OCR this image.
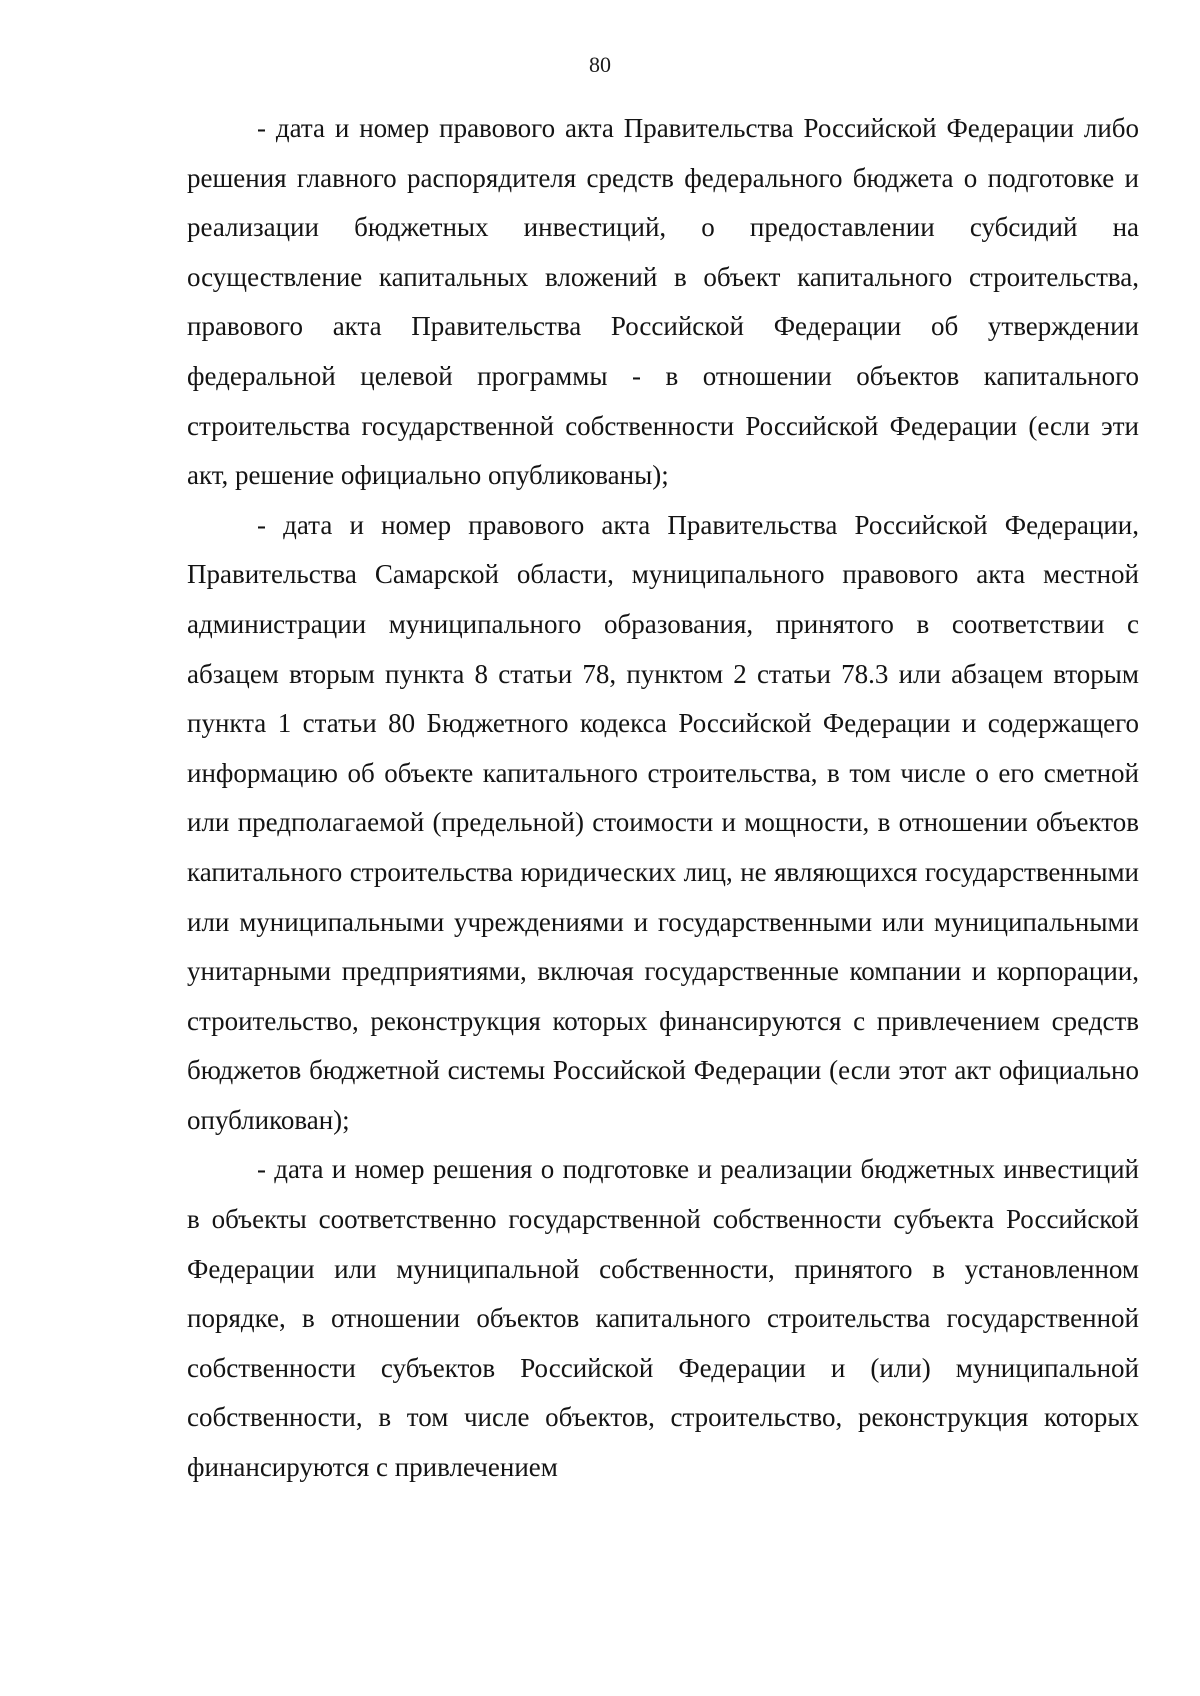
80

- дата и номер правового акта Правительства Российской Федерации либо решения главного распорядителя средств федерального бюджета о подготовке и реализации бюджетных инвестиций, о предоставлении субсидий на осуществление капитальных вложений в объект капитального строительства, правового акта Правительства Российской Федерации об утверждении федеральной целевой программы - в отношении объектов капитального строительства государственной собственности Российской Федерации (если эти акт, решение официально опубликованы);

- дата и номер правового акта Правительства Российской Федерации, Правительства Самарской области, муниципального правового акта местной администрации муниципального образования, принятого в соответствии с абзацем вторым пункта 8 статьи 78, пунктом 2 статьи 78.3 или абзацем вторым пункта 1 статьи 80 Бюджетного кодекса Российской Федерации и содержащего информацию об объекте капитального строительства, в том числе о его сметной или предполагаемой (предельной) стоимости и мощности, в отношении объектов капитального строительства юридических лиц, не являющихся государственными или муниципальными учреждениями и государственными или муниципальными унитарными предприятиями, включая государственные компании и корпорации, строительство, реконструкция которых финансируются с привлечением средств бюджетов бюджетной системы Российской Федерации (если этот акт официально опубликован);

- дата и номер решения о подготовке и реализации бюджетных инвестиций в объекты соответственно государственной собственности субъекта Российской Федерации или муниципальной собственности, принятого в установленном порядке, в отношении объектов капитального строительства государственной собственности субъектов Российской Федерации и (или) муниципальной собственности, в том числе объектов, строительство, реконструкция которых финансируются с привлечением
